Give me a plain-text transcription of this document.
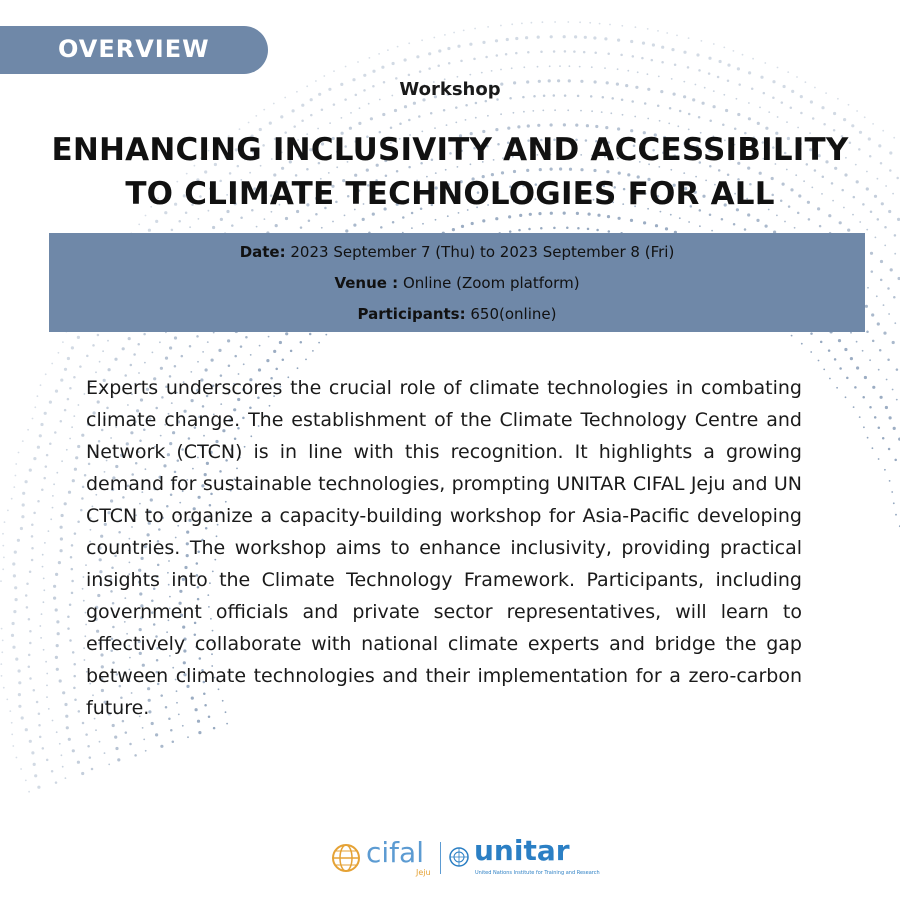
OVERVIEW
Workshop
ENHANCING INCLUSIVITY AND ACCESSIBILITY
TO CLIMATE TECHNOLOGIES FOR ALL
Date: 2023 September 7 (Thu) to 2023 September 8 (Fri)
Venue : Online (Zoom platform)
Participants: 650(online)

Experts underscores the crucial role of climate technologies in combating climate change. The establishment of the Climate Technology Centre and Network (CTCN) is in line with this recognition. It highlights a growing demand for sustainable technologies, prompting UNITAR CIFAL Jeju and UN CTCN to organize a capacity-building workshop for Asia-Pacific developing countries. The workshop aims to enhance inclusivity, providing practical insights into the Climate Technology Framework. Participants, including government officials and private sector representatives, will learn to effectively collaborate with national climate experts and bridge the gap between climate technologies and their implementation for a zero-carbon future.

cifal
Jeju
unitar
United Nations Institute for Training and Research
